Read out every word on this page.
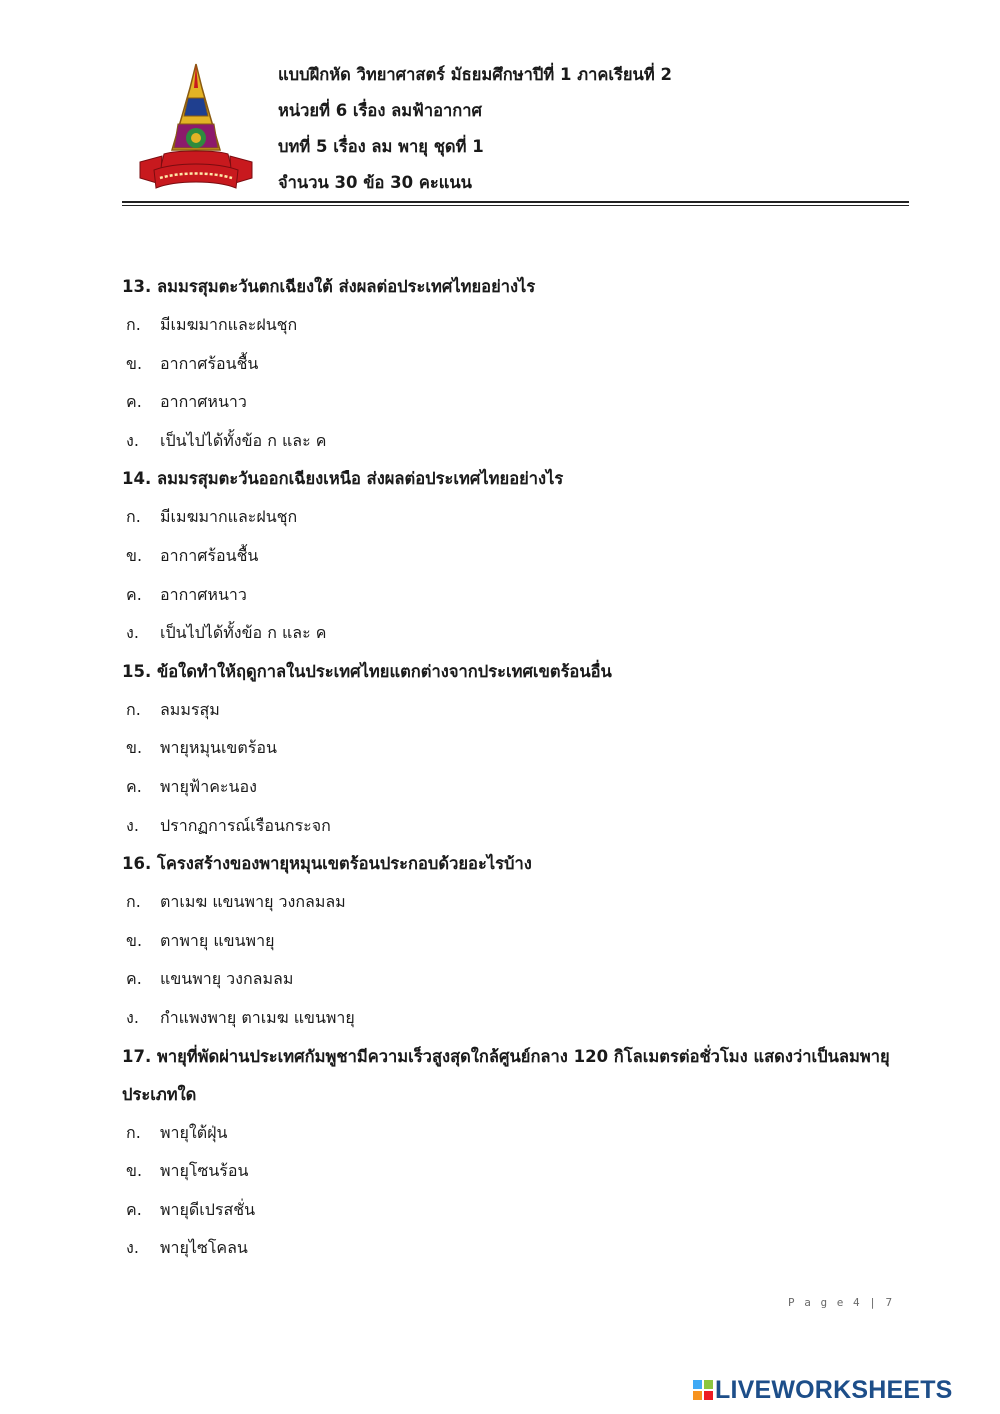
แบบฝึกหัด วิทยาศาสตร์ มัธยมศึกษาปีที่ 1 ภาคเรียนที่ 2
หน่วยที่ 6 เรื่อง ลมฟ้าอากาศ
บทที่ 5 เรื่อง ลม พายุ ชุดที่ 1
จำนวน 30 ข้อ 30 คะแนน
13. ลมมรสุมตะวันตกเฉียงใต้ ส่งผลต่อประเทศไทยอย่างไร
ก. มีเมฆมากและฝนชุก
ข. อากาศร้อนชื้น
ค. อากาศหนาว
ง. เป็นไปได้ทั้งข้อ ก และ ค
14. ลมมรสุมตะวันออกเฉียงเหนือ ส่งผลต่อประเทศไทยอย่างไร
ก. มีเมฆมากและฝนชุก
ข. อากาศร้อนชื้น
ค. อากาศหนาว
ง. เป็นไปได้ทั้งข้อ ก และ ค
15. ข้อใดทำให้ฤดูกาลในประเทศไทยแตกต่างจากประเทศเขตร้อนอื่น
ก. ลมมรสุม
ข. พายุหมุนเขตร้อน
ค. พายุฟ้าคะนอง
ง. ปรากฏการณ์เรือนกระจก
16. โครงสร้างของพายุหมุนเขตร้อนประกอบด้วยอะไรบ้าง
ก. ตาเมฆ แขนพายุ วงกลมลม
ข. ตาพายุ แขนพายุ
ค. แขนพายุ วงกลมลม
ง. กำแพงพายุ ตาเมฆ แขนพายุ
17. พายุที่พัดผ่านประเทศกัมพูชามีความเร็วสูงสุดใกล้ศูนย์กลาง 120 กิโลเมตรต่อชั่วโมง แสดงว่าเป็นลมพายุประเภทใด
ก. พายุใต้ฝุ่น
ข. พายุโซนร้อน
ค. พายุดีเปรสชั่น
ง. พายุไซโคลน
P a g e 4 | 7
LIVEWORKSHEETS
